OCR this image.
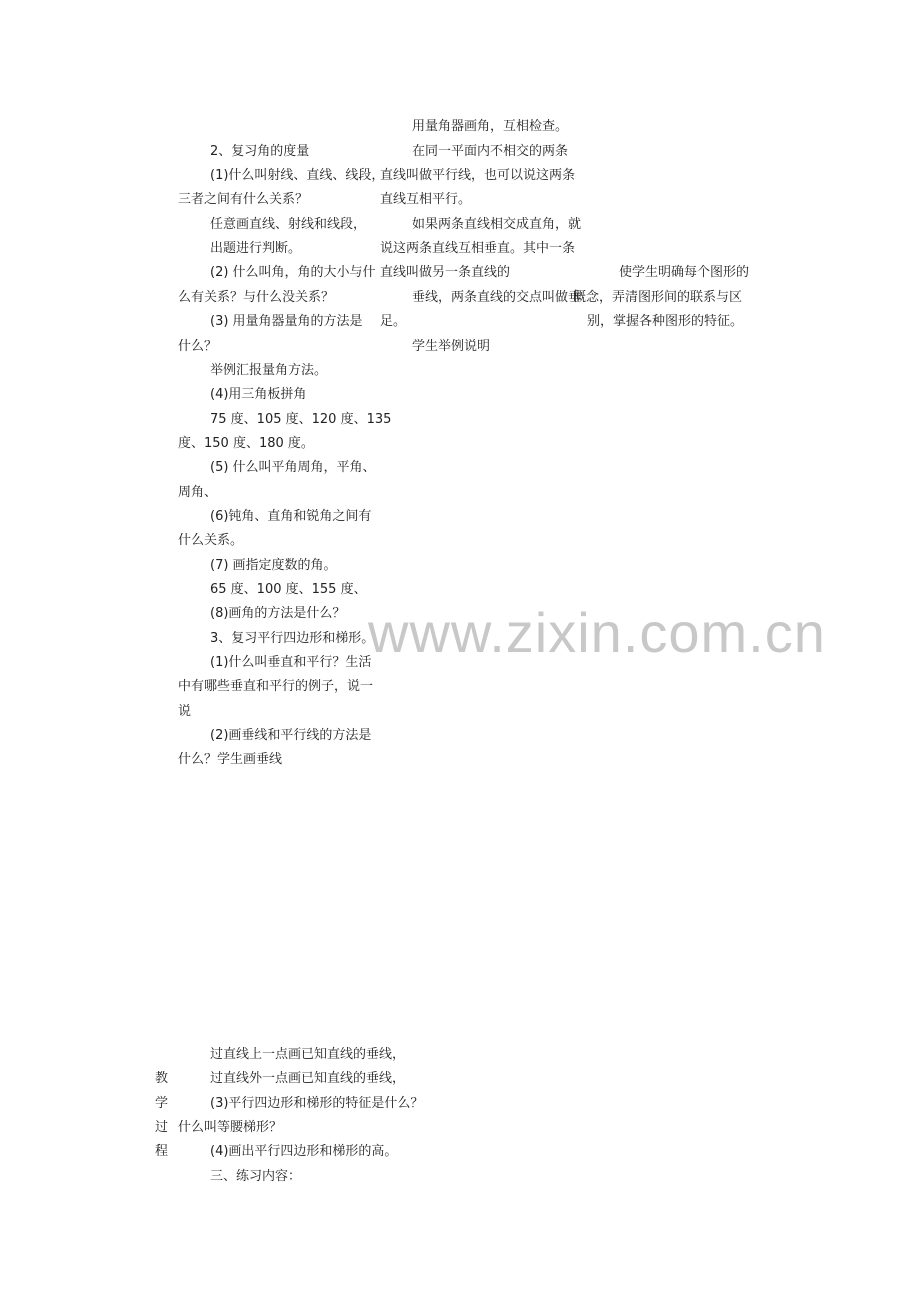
用量角器画角，互相检查。
在同一平面内不相交的两条
直线叫做平行线，也可以说这两条
直线互相平行。
如果两条直线相交成直角，就
说这两条直线互相垂直。其中一条
直线叫做另一条直线的
垂线，两条直线的交点叫做垂
足。
学生举例说明
使学生明确每个图形的
概念，弄清图形间的联系与区
别，掌握各种图形的特征。
2、复习角的度量
(1)什么叫射线、直线、线段，
三者之间有什么关系？
任意画直线、射线和线段，
出题进行判断。
(2) 什么叫角，角的大小与什
么有关系？与什么没关系？
(3) 用量角器量角的方法是
什么？
举例汇报量角方法。
(4)用三角板拼角
75 度、105 度、120 度、135
度、150 度、180 度。
(5) 什么叫平角周角，平角、
周角、
(6)钝角、直角和锐角之间有
什么关系。
(7) 画指定度数的角。
65 度、100 度、155 度、
(8)画角的方法是什么？
3、复习平行四边形和梯形。
(1)什么叫垂直和平行？生活
中有哪些垂直和平行的例子，说一
说
(2)画垂线和平行线的方法是
什么？学生画垂线
www.zixin.com.cn
过直线上一点画已知直线的垂线，
过直线外一点画已知直线的垂线，
(3)平行四边形和梯形的特征是什么？
什么叫等腰梯形？
(4)画出平行四边形和梯形的高。
三、练习内容：
教
学
过
程
